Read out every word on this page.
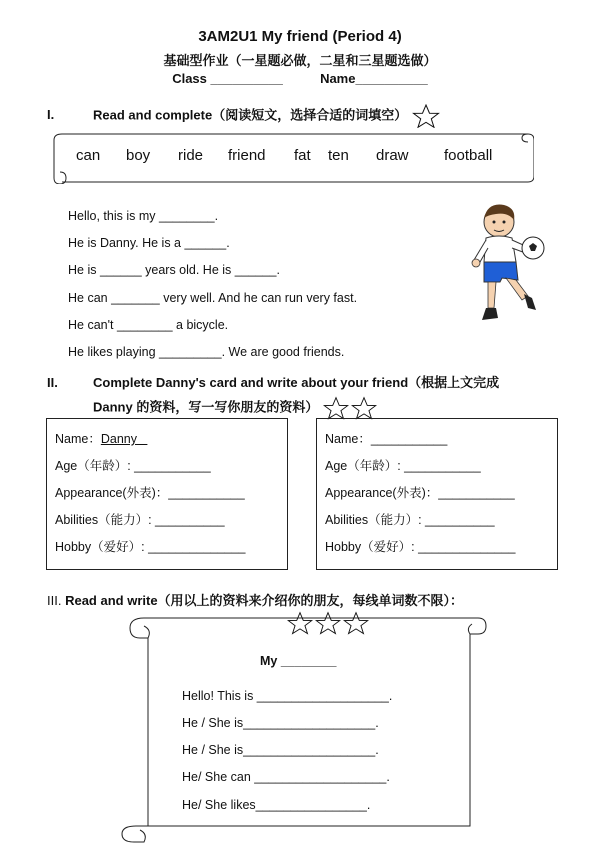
3AM2U1 My friend (Period 4)
基础型作业（一星题必做，二星和三星题选做）
Class __________	Name__________
I.	Read and complete（阅读短文，选择合适的词填空）
can boy ride friend fat ten draw football
Hello, this is my ________.
He is Danny. He is a ______.
He is ______ years old. He is ______.
He can _______ very well. And he can run very fast.
He can't ________ a bicycle.
He likes playing _________. We are good friends.
II.	Complete Danny's card and write about your friend（根据上文完成
Danny 的资料，写一写你朋友的资料）
Name：Danny
Age（年龄）: ___________
Appearance(外表)：___________
Abilities（能力）: __________
Hobby（爱好）: ______________
Name：___________
Age（年龄）: ___________
Appearance(外表)：___________
Abilities（能力）: __________
Hobby（爱好）: ______________
III. Read and write（用以上的资料来介绍你的朋友，每线单词数不限）：
My ________
Hello! This is ___________________.
He / She is___________________.
He / She is___________________.
He/ She can ___________________.
He/ She likes________________.
